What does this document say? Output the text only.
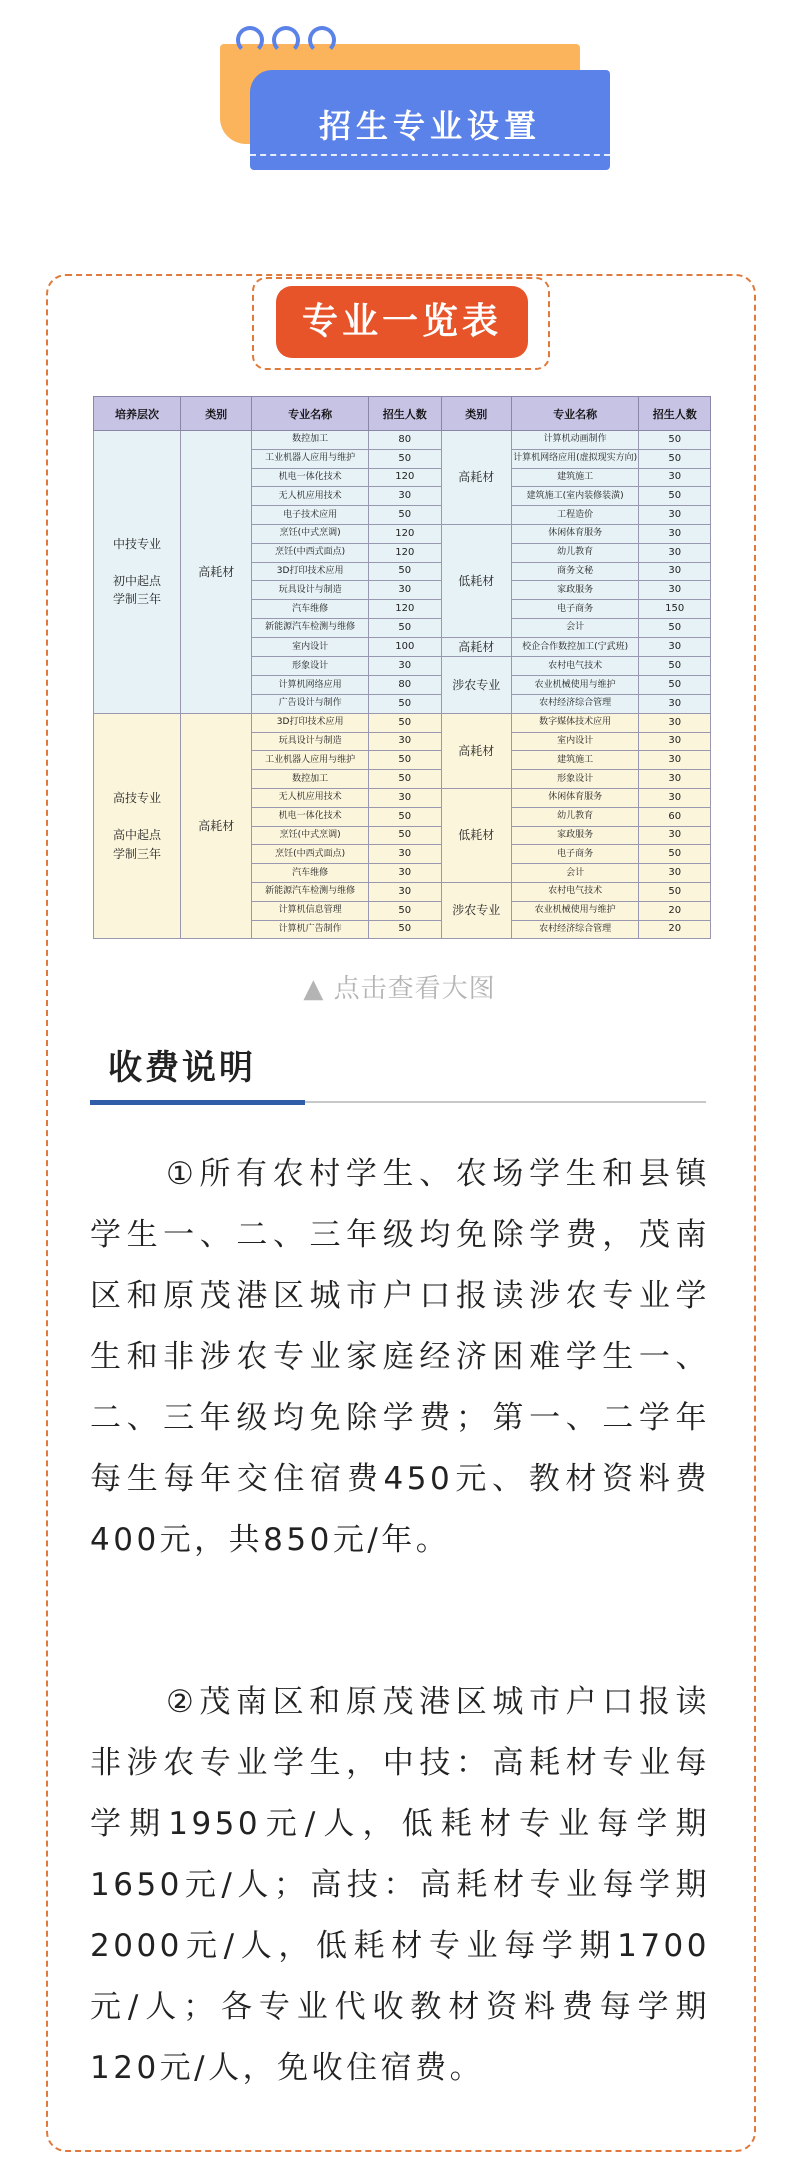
招生专业设置
专业一览表
培养层次	类别	专业名称	招生人数	类别	专业名称	招生人数
中技专业

初中起点
学制三年	高耗材	数控加工	80	高耗材	计算机动画制作	50
		工业机器人应用与维护	50		计算机网络应用(虚拟现实方向)	50
		机电一体化技术	120		建筑施工	30
		无人机应用技术	30		建筑施工(室内装修装潢)	50
		电子技术应用	50		工程造价	30
		烹饪(中式烹调)	120	低耗材	休闲体育服务	30
		烹饪(中西式面点)	120		幼儿教育	30
		3D打印技术应用	50		商务文秘	30
		玩具设计与制造	30		家政服务	30
		汽车维修	120		电子商务	150
		新能源汽车检测与维修	50		会计	50
		室内设计	100	高耗材	校企合作数控加工(宁武班)	30
		形象设计	30	涉农专业	农村电气技术	50
		计算机网络应用	80		农业机械使用与维护	50
		广告设计与制作	50		农村经济综合管理	30
高技专业

高中起点
学制三年	高耗材	3D打印技术应用	50	高耗材	数字媒体技术应用	30
		玩具设计与制造	30		室内设计	30
		工业机器人应用与维护	50		建筑施工	30
		数控加工	50		形象设计	30
		无人机应用技术	30	低耗材	休闲体育服务	30
		机电一体化技术	50		幼儿教育	60
		烹饪(中式烹调)	50		家政服务	30
		烹饪(中西式面点)	30		电子商务	50
		汽车维修	30		会计	30
		新能源汽车检测与维修	30	涉农专业	农村电气技术	50
		计算机信息管理	50		农业机械使用与维护	20
		计算机广告制作	50		农村经济综合管理	20
▲ 点击查看大图
收费说明
①所有农村学生、农场学生和县镇学生一、二、三年级均免除学费，茂南区和原茂港区城市户口报读涉农专业学生和非涉农专业家庭经济困难学生一、二、三年级均免除学费；第一、二学年每生每年交住宿费450元、教材资料费400元，共850元/年。
②茂南区和原茂港区城市户口报读非涉农专业学生，中技：高耗材专业每学期1950元/人，低耗材专业每学期1650元/人；高技：高耗材专业每学期2000元/人，低耗材专业每学期1700元/人；各专业代收教材资料费每学期120元/人，免收住宿费。
